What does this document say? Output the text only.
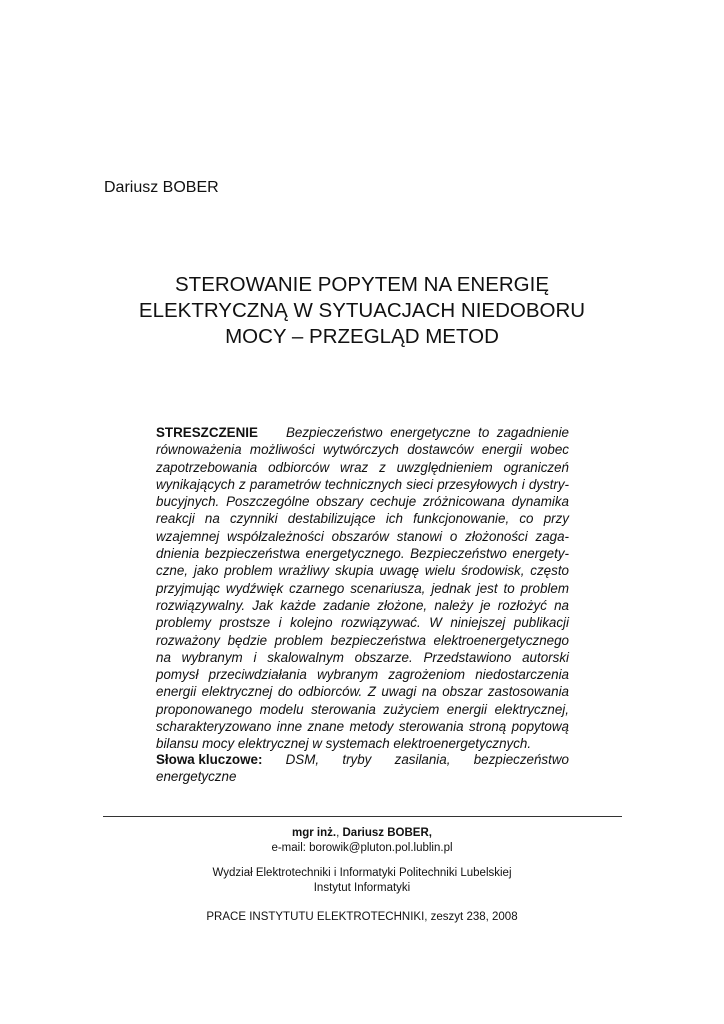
Dariusz BOBER
STEROWANIE POPYTEM NA ENERGIĘ
ELEKTRYCZNĄ W SYTUACJACH NIEDOBORU
MOCY – PRZEGLĄD METOD
STRESZCZENIE Bezpieczeństwo energetyczne to zagadnienie
równoważenia możliwości wytwórczych dostawców energii wobec
zapotrzebowania odbiorców wraz z uwzględnieniem ograniczeń
wynikających z parametrów technicznych sieci przesyłowych i dystry-
bucyjnych. Poszczególne obszary cechuje zróżnicowana dynamika
reakcji na czynniki destabilizujące ich funkcjonowanie, co przy
wzajemnej współzależności obszarów stanowi o złożoności zaga-
dnienia bezpieczeństwa energetycznego. Bezpieczeństwo energety-
czne, jako problem wrażliwy skupia uwagę wielu środowisk, często
przyjmując wydźwięk czarnego scenariusza, jednak jest to problem
rozwiązywalny. Jak każde zadanie złożone, należy je rozłożyć na
problemy prostsze i kolejno rozwiązywać. W niniejszej publikacji
rozważony będzie problem bezpieczeństwa elektroenergetycznego
na wybranym i skalowalnym obszarze. Przedstawiono autorski
pomysł przeciwdziałania wybranym zagrożeniom niedostarczenia
energii elektrycznej do odbiorców. Z uwagi na obszar zastosowania
proponowanego modelu sterowania zużyciem energii elektrycznej,
scharakteryzowano inne znane metody sterowania stroną popytową
bilansu mocy elektrycznej w systemach elektroenergetycznych.
Słowa kluczowe: DSM, tryby zasilania, bezpieczeństwo
energetyczne
mgr inż., Dariusz BOBER,
e-mail: borowik@pluton.pol.lublin.pl
Wydział Elektrotechniki i Informatyki Politechniki Lubelskiej
Instytut Informatyki
PRACE INSTYTUTU ELEKTROTECHNIKI, zeszyt 238, 2008
